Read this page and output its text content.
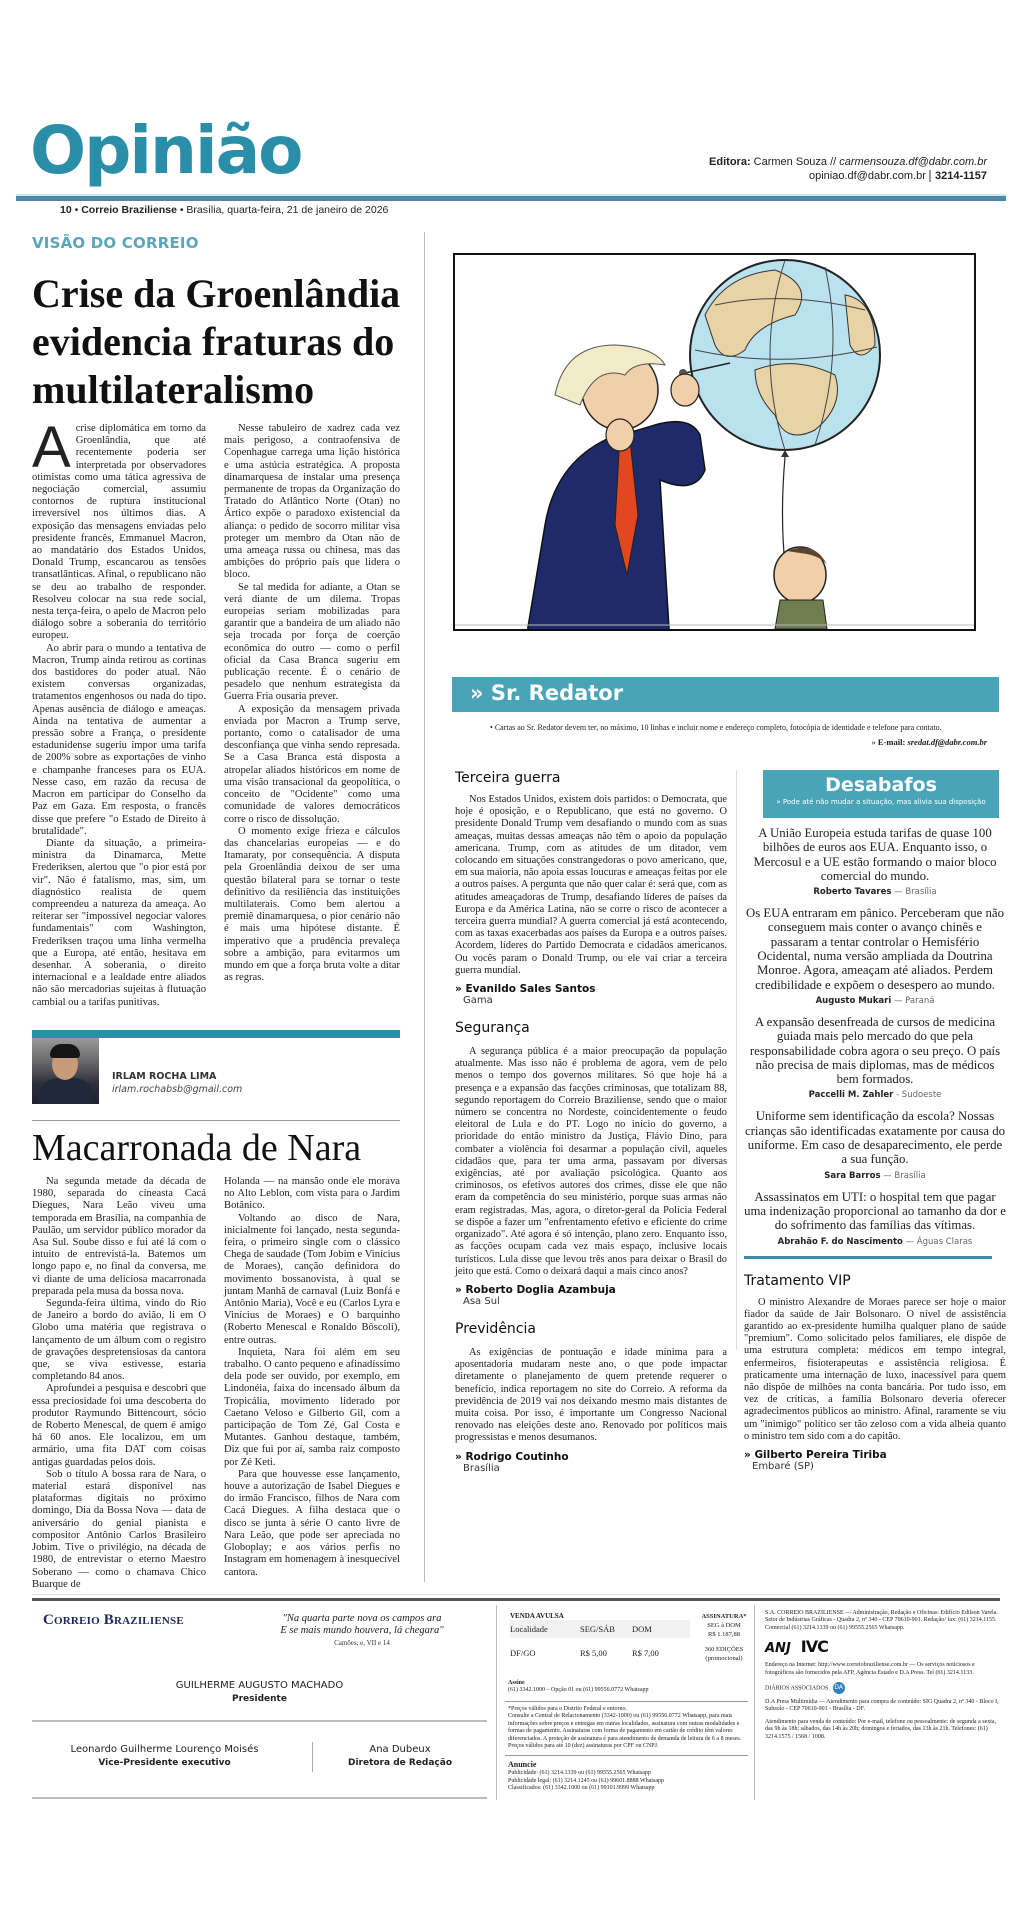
Opinião
10 • Correio Braziliense • Brasília, quarta-feira, 21 de janeiro de 2026
Editora: Carmen Souza // carmensouza.df@dabr.com.br
opiniao.df@dabr.com.br 3214-1157
VISÃO DO CORREIO
Crise da Groenlândia evidencia fraturas do multilateralismo

A crise diplomática em torno da Groenlândia, que até recentemente poderia ser interpretada por observadores otimistas como uma tática agressiva de negociação comercial, assumiu contornos de ruptura institucional irreversível nos últimos dias. A exposição das mensagens enviadas pelo presidente francês, Emmanuel Macron, ao mandatário dos Estados Unidos, Donald Trump, escancarou as tensões transatlânticas. Afinal, o republicano não se deu ao trabalho de responder. Resolveu colocar na sua rede social, nesta terça-feira, o apelo de Macron pelo diálogo sobre a soberania do território europeu.

Ao abrir para o mundo a tentativa de Macron, Trump ainda retirou as cortinas dos bastidores do poder atual. Não existem conversas organizadas, tratamentos engenhosos ou nada do tipo. Apenas ausência de diálogo e ameaças. Ainda na tentativa de aumentar a pressão sobre a França, o presidente estadunidense sugeriu impor uma tarifa de 200% sobre as exportações de vinho e champanhe franceses para os EUA. Nesse caso, em razão da recusa de Macron em participar do Conselho da Paz em Gaza. Em resposta, o francês disse que prefere "o Estado de Direito à brutalidade".

Diante da situação, a primeira-ministra da Dinamarca, Mette Frederiksen, alertou que "o pior está por vir". Não é fatalismo, mas, sim, um diagnóstico realista de quem compreendeu a natureza da ameaça. Ao reiterar ser "impossível negociar valores fundamentais" com Washington, Frederiksen traçou uma linha vermelha que a Europa, até então, hesitava em desenhar. A soberania, o direito internacional e a lealdade entre aliados não são mercadorias sujeitas à flutuação cambial ou a tarifas punitivas.

Nesse tabuleiro de xadrez cada vez mais perigoso, a contraofensiva de Copenhague carrega uma lição histórica e uma astúcia estratégica. A proposta dinamarquesa de instalar uma presença permanente de tropas da Organização do Tratado do Atlântico Norte (Otan) no Ártico expõe o paradoxo existencial da aliança: o pedido de socorro militar visa proteger um membro da Otan não de uma ameaça russa ou chinesa, mas das ambições do próprio país que lidera o bloco.

Se tal medida for adiante, a Otan se verá diante de um dilema. Tropas europeias seriam mobilizadas para garantir que a bandeira de um aliado não seja trocada por força de coerção econômica do outro — como o perfil oficial da Casa Branca sugeriu em publicação recente. É o cenário de pesadelo que nenhum estrategista da Guerra Fria ousaria prever.

A exposição da mensagem privada enviada por Macron a Trump serve, portanto, como o catalisador de uma desconfiança que vinha sendo represada. Se a Casa Branca está disposta a atropelar aliados históricos em nome de uma visão transacional da geopolítica, o conceito de "Ocidente" como uma comunidade de valores democráticos corre o risco de dissolução.

O momento exige frieza e cálculos das chancelarias europeias — e do Itamaraty, por consequência. A disputa pela Groenlândia deixou de ser uma questão bilateral para se tornar o teste definitivo da resiliência das instituições multilaterais. Como bem alertou a premiê dinamarquesa, o pior cenário não é mais uma hipótese distante. É imperativo que a prudência prevaleça sobre a ambição, para evitarmos um mundo em que a força bruta volte a ditar as regras.

IRLAM ROCHA LIMA
irlam.rochabsb@gmail.com
Macarronada de Nara

Na segunda metade da década de 1980, separada do cineasta Cacá Diegues, Nara Leão viveu uma temporada em Brasília, na companhia de Paulão, um servidor público morador da Asa Sul. Soube disso e fui até lá com o intuito de entrevistá-la. Batemos um longo papo e, no final da conversa, me vi diante de uma deliciosa macarronada preparada pela musa da bossa nova.

Segunda-feira última, vindo do Rio de Janeiro a bordo do avião, li em O Globo uma matéria que registrava o lançamento de um álbum com o registro de gravações despretensiosas da cantora que, se viva estivesse, estaria completando 84 anos.

Aprofundei a pesquisa e descobri que essa preciosidade foi uma descoberta do produtor Raymundo Bittencourt, sócio de Roberto Menescal, de quem é amigo há 60 anos. Ele localizou, em um armário, uma fita DAT com coisas antigas guardadas pelos dois.

Sob o título A bossa rara de Nara, o material estará disponível nas plataformas digitais no próximo domingo, Dia da Bossa Nova — data de aniversário do genial pianista e compositor Antônio Carlos Brasileiro Jobim. Tive o privilégio, na década de 1980, de entrevistar o eterno Maestro Soberano — como o chamava Chico Buarque de

Holanda — na mansão onde ele morava no Alto Leblon, com vista para o Jardim Botânico.

Voltando ao disco de Nara, inicialmente foi lançado, nesta segunda-feira, o primeiro single com o clássico Chega de saudade (Tom Jobim e Vinícius de Moraes), canção definidora do movimento bossanovista, à qual se juntam Manhã de carnaval (Luiz Bonfá e Antônio Maria), Você e eu (Carlos Lyra e Vinícius de Moraes) e O barquinho (Roberto Menescal e Ronaldo Bôscoli), entre outras.

Inquieta, Nara foi além em seu trabalho. O canto pequeno e afinadíssimo dela pode ser ouvido, por exemplo, em Lindonéia, faixa do incensado álbum da Tropicália, movimento liderado por Caetano Veloso e Gilberto Gil, com a participação de Tom Zé, Gal Costa e Mutantes. Ganhou destaque, também, Diz que fui por aí, samba raiz composto por Zé Keti.

Para que houvesse esse lançamento, houve a autorização de Isabel Diegues e do irmão Francisco, filhos de Nara com Cacá Diegues. A filha destaca que o disco se junta à série O canto livre de Nara Leão, que pode ser apreciada no Globoplay; e aos vários perfis no Instagram em homenagem à inesquecível cantora.

» Sr. Redator
• Cartas ao Sr. Redator devem ter, no máximo, 10 linhas e incluir nome e endereço completo, fotocópia de identidade e telefone para contato.
» E-mail: sredat.df@dabr.com.br
Terceira guerra

Nos Estados Unidos, existem dois partidos: o Democrata, que hoje é oposição, e o Republicano, que está no governo. O presidente Donald Trump vem desafiando o mundo com as suas ameaças, muitas dessas ameaças não têm o apoio da população americana. Trump, com as atitudes de um ditador, vem colocando em situações constrangedoras o povo americano, que, em sua maioria, não apoia essas loucuras e ameaças feitas por ele a outros países. A pergunta que não quer calar é: será que, com as atitudes ameaçadoras de Trump, desafiando líderes de países da Europa e da América Latina, não se corre o risco de acontecer a terceira guerra mundial? A guerra comercial já está acontecendo, com as taxas exacerbadas aos países da Europa e a outros países. Acordem, líderes do Partido Democrata e cidadãos americanos. Ou vocês param o Donald Trump, ou ele vai criar a terceira guerra mundial.

» Evanildo Sales Santos
Gama
Segurança

A segurança pública é a maior preocupação da população atualmente. Mas isso não é problema de agora, vem de pelo menos o tempo dos governos militares. Só que hoje há a presença e a expansão das facções criminosas, que totalizam 88, segundo reportagem do Correio Braziliense, sendo que o maior número se concentra no Nordeste, coincidentemente o feudo eleitoral de Lula e do PT. Logo no início do governo, a prioridade do então ministro da Justiça, Flávio Dino, para combater a violência foi desarmar a população civil, aqueles cidadãos que, para ter uma arma, passavam por diversas exigências, até por avaliação psicológica. Quanto aos criminosos, os efetivos autores dos crimes, disse ele que não eram da competência do seu ministério, porque suas armas não eram registradas. Mas, agora, o diretor-geral da Polícia Federal se dispõe a fazer um "enfrentamento efetivo e eficiente do crime organizado". Até agora é só intenção, plano zero. Enquanto isso, as facções ocupam cada vez mais espaço, inclusive locais turísticos. Lula disse que levou três anos para deixar o Brasil do jeito que está. Como o deixará daqui a mais cinco anos?

» Roberto Doglia Azambuja
Asa Sul
Previdência

As exigências de pontuação e idade mínima para a aposentadoria mudaram neste ano, o que pode impactar diretamente o planejamento de quem pretende requerer o benefício, indica reportagem no site do Correio. A reforma da previdência de 2019 vai nos deixando mesmo mais distantes de muita coisa. Por isso, é importante um Congresso Nacional renovado nas eleições deste ano. Renovado por políticos mais progressistas e menos desumanos.

» Rodrigo Coutinho
Brasília
Desabafos
» Pode até não mudar a situação, mas alivia sua disposição
A União Europeia estuda tarifas de quase 100 bilhões de euros aos EUA. Enquanto isso, o Mercosul e a UE estão formando o maior bloco comercial do mundo.
Roberto Tavares — Brasília
Os EUA entraram em pânico. Perceberam que não conseguem mais conter o avanço chinês e passaram a tentar controlar o Hemisfério Ocidental, numa versão ampliada da Doutrina Monroe. Agora, ameaçam até aliados. Perdem credibilidade e expõem o desespero ao mundo.
Augusto Mukari — Paraná
A expansão desenfreada de cursos de medicina guiada mais pelo mercado do que pela responsabilidade cobra agora o seu preço. O país não precisa de mais diplomas, mas de médicos bem formados.
Paccelli M. Zahler - Sudoeste
Uniforme sem identificação da escola? Nossas crianças são identificadas exatamente por causa do uniforme. Em caso de desaparecimento, ele perde a sua função.
Sara Barros — Brasília
Assassinatos em UTI: o hospital tem que pagar uma indenização proporcional ao tamanho da dor e do sofrimento das famílias das vítimas.
Abrahão F. do Nascimento — Águas Claras
Tratamento VIP

O ministro Alexandre de Moraes parece ser hoje o maior fiador da saúde de Jair Bolsonaro. O nível de assistência garantido ao ex-presidente humilha qualquer plano de saúde "premium". Como solicitado pelos familiares, ele dispõe de uma estrutura completa: médicos em tempo integral, enfermeiros, fisioterapeutas e assistência religiosa. É praticamente uma internação de luxo, inacessível para quem não dispõe de milhões na conta bancária. Por tudo isso, em vez de críticas, a família Bolsonaro deveria oferecer agradecimentos públicos ao ministro. Afinal, raramente se viu um "inimigo" político ser tão zeloso com a vida alheia quanto o ministro tem sido com a do capitão.

» Gilberto Pereira Tiriba
Embaré (SP)
Correio Braziliense	"Na quarta parte nova os campos ara
E se mais mundo houvera, lá chegara"
Camões, e, VII e 14
GUILHERME AUGUSTO MACHADO
Presidente
Leonardo Guilherme Lourenço Moisés
Vice-Presidente executivo
Ana Dubeux
Diretora de Redação
VENDA AVULSA
Localidade	SEG/SÁB	DOM
DF/GO	R$ 5,00	R$ 7,00
ASSINATURA*
SEG à DOM
R$ 1.187,88
360 EDIÇÕES
(promocional)
Assine
(61) 3342.1000 – Opção 01 ou (61) 99556.0772 Whatsapp
*Preços válidos para o Distrito Federal e entorno.
Consulte a Central de Relacionamento (3342-1000) ou (61) 99556.0772 Whatsapp, para mais informações sobre preços e entregas em outras localidades, assinatura com outras modalidades e formas de pagamento. Assinaturas com forma de pagamento em cartão de crédito têm valores diferenciados. A proteção de assinatura é para atendimento de demanda de leitura de 6 a 8 meses. Preços válidos para até 10 (dez) assinaturas por CPF ou CNPJ.
Anuncie
Publicidade: (61) 3214.1339 ou (61) 99555.2565 Whatsapp
Publicidade legal: (61) 3214.1245 ou (61) 99601.8888 Whatsapp
Classificados: (61) 3342.1000 ou (61) 99101.9999 Whatsapp
S.A. CORREIO BRAZILIENSE — Administração, Redação e Oficinas: Edifício Edilson Varela. Setor de Indústrias Gráficas - Quadra 2, nº 340 - CEP 70610-901. Redação/ fax: (61) 3214.1155. Comercial (61) 3214.1339 ou (61) 99555.2565 Whatsapp.
ANJ IVC
Endereço na Internet: http://www.correiobraziliense.com.br — Os serviços noticiosos e fotográficos são fornecidos pela AFP, Agência Estado e D.A Press. Tel (61) 3214.1133.
DIÁRIOS ASSOCIADOS DA
D.A Press Multimídia — Atendimento para compra de conteúdo: SIG Quadra 2, nº 340 - Bloco I, Subsolo - CEP 70610-901 - Brasília - DF.
Atendimento para venda de conteúdo: Por e-mail, telefone ou pessoalmente: de segunda a sexta, das 9h às 18h; sábados, das 14h às 20h; domingos e feriados, das 13h às 21h. Telefones: (61) 3214.1575 / 1568 / 1008.
